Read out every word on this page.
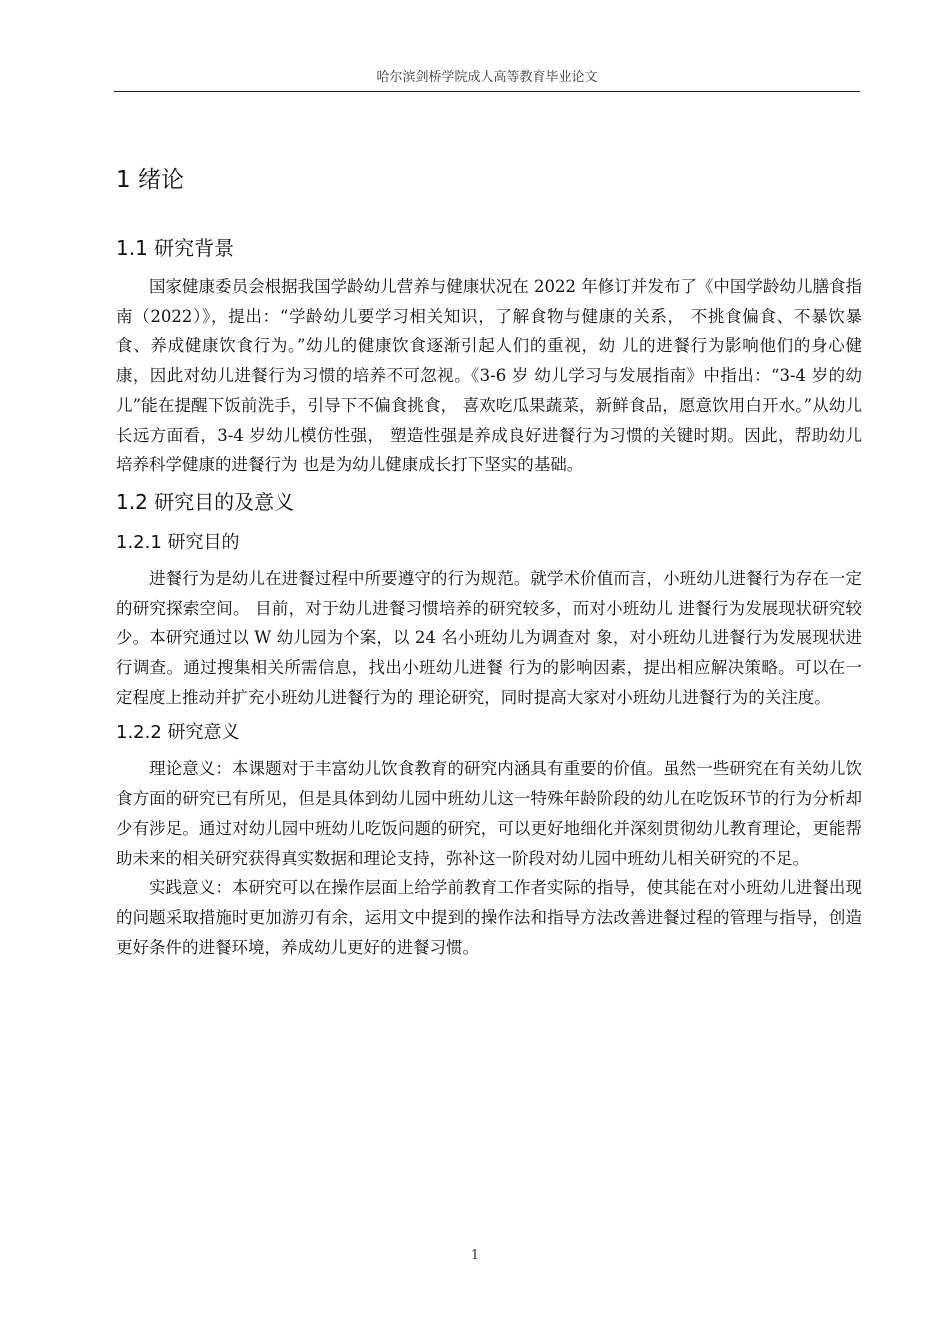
哈尔滨剑桥学院成人高等教育毕业论文
1 绪论
1.1 研究背景

国家健康委员会根据我国学龄幼儿营养与健康状况在 2022 年修订并发布了《中国学龄幼儿膳食指南（2022）》，提出：“学龄幼儿要学习相关知识，了解食物与健康的关系， 不挑食偏食、不暴饮暴食、养成健康饮食行为。”幼儿的健康饮食逐渐引起人们的重视，幼 儿的进餐行为影响他们的身心健康，因此对幼儿进餐行为习惯的培养不可忽视。《3-6 岁 幼儿学习与发展指南》中指出：“3-4 岁的幼儿”能在提醒下饭前洗手，引导下不偏食挑食， 喜欢吃瓜果蔬菜，新鲜食品，愿意饮用白开水。”从幼儿长远方面看，3-4 岁幼儿模仿性强， 塑造性强是养成良好进餐行为习惯的关键时期。因此，帮助幼儿培养科学健康的进餐行为 也是为幼儿健康成长打下坚实的基础。

1.2 研究目的及意义
1.2.1 研究目的

进餐行为是幼儿在进餐过程中所要遵守的行为规范。就学术价值而言，小班幼儿进餐行为存在一定的研究探索空间。 目前，对于幼儿进餐习惯培养的研究较多，而对小班幼儿 进餐行为发展现状研究较少。本研究通过以 W 幼儿园为个案，以 24 名小班幼儿为调查对 象，对小班幼儿进餐行为发展现状进行调查。通过搜集相关所需信息，找出小班幼儿进餐 行为的影响因素，提出相应解决策略。可以在一定程度上推动并扩充小班幼儿进餐行为的 理论研究，同时提高大家对小班幼儿进餐行为的关注度。

1.2.2 研究意义

理论意义：本课题对于丰富幼儿饮食教育的研究内涵具有重要的价值。虽然一些研究在有关幼儿饮食方面的研究已有所见，但是具体到幼儿园中班幼儿这一特殊年龄阶段的幼儿在吃饭环节的行为分析却少有涉足。通过对幼儿园中班幼儿吃饭问题的研究，可以更好地细化并深刻贯彻幼儿教育理论，更能帮助未来的相关研究获得真实数据和理论支持，弥补这一阶段对幼儿园中班幼儿相关研究的不足。

实践意义：本研究可以在操作层面上给学前教育工作者实际的指导，使其能在对小班幼儿进餐出现的问题采取措施时更加游刃有余，运用文中提到的操作法和指导方法改善进餐过程的管理与指导，创造更好条件的进餐环境，养成幼儿更好的进餐习惯。

1
